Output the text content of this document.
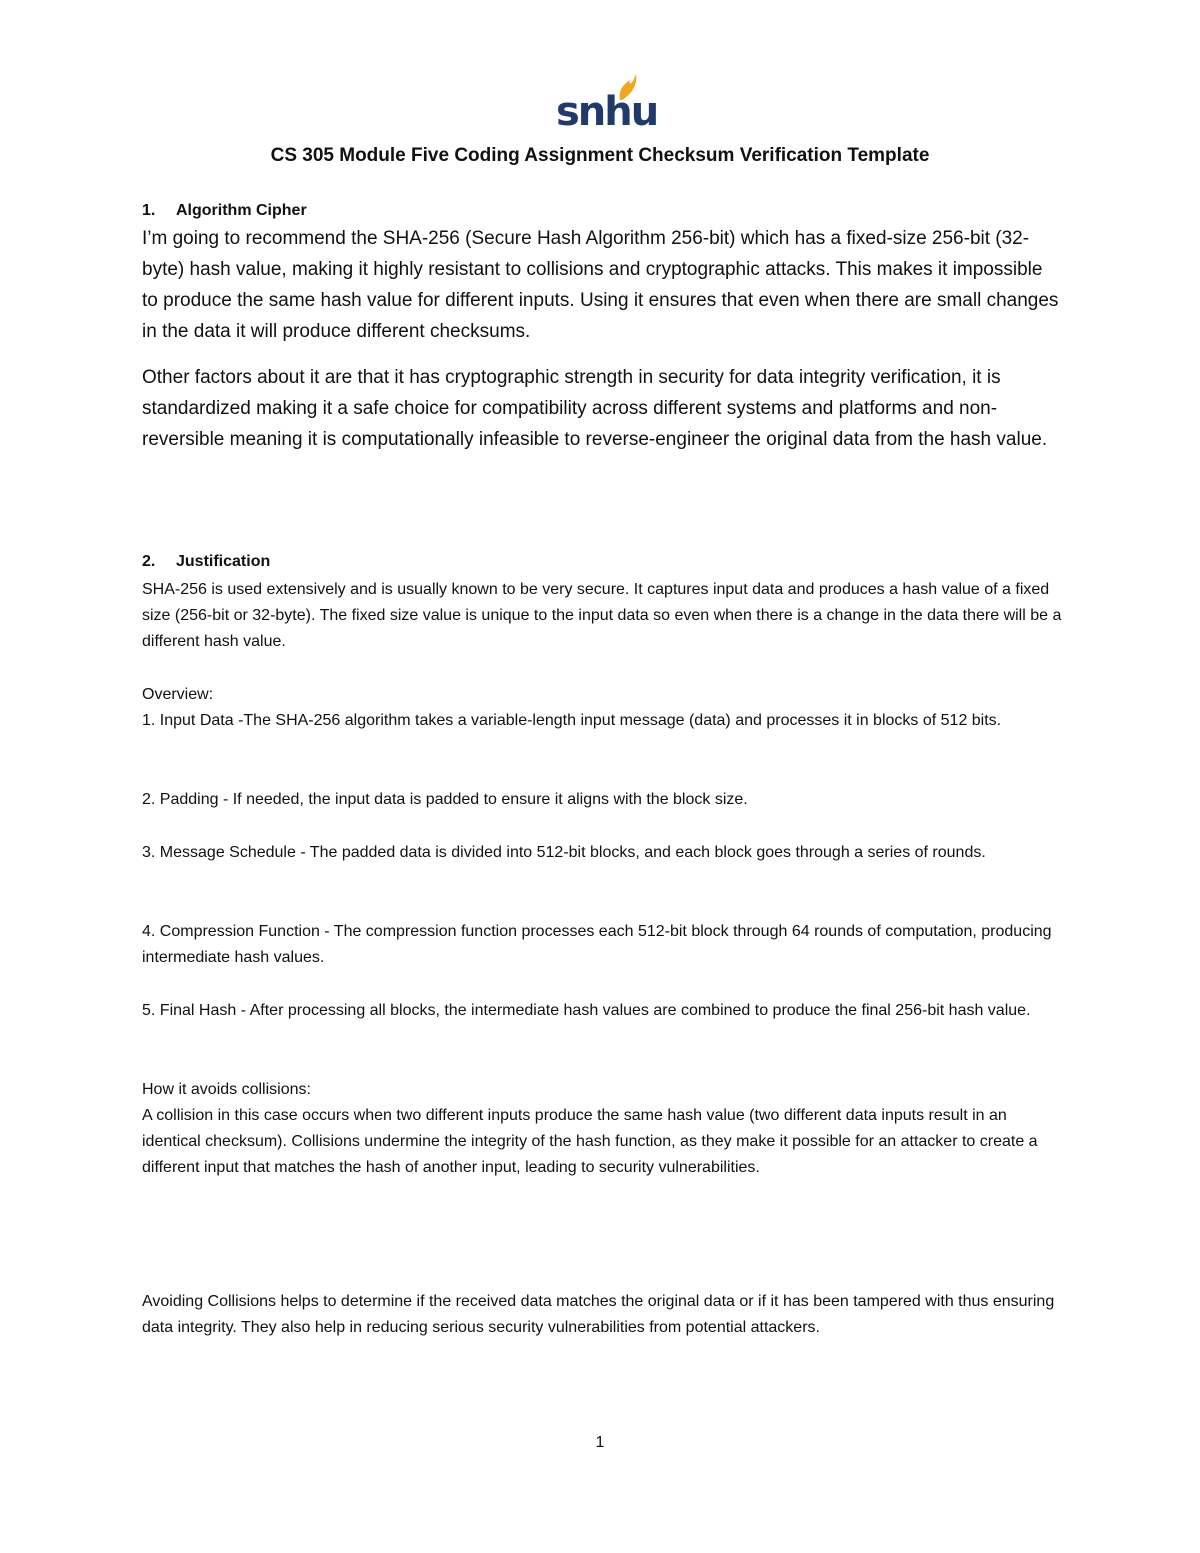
snhu
CS 305 Module Five Coding Assignment Checksum Verification Template
1. Algorithm Cipher
I’m going to recommend the SHA-256 (Secure Hash Algorithm 256-bit) which has a fixed-size 256-bit (32-byte) hash value, making it highly resistant to collisions and cryptographic attacks. This makes it impossible to produce the same hash value for different inputs. Using it ensures that even when there are small changes in the data it will produce different checksums.
Other factors about it are that it has cryptographic strength in security for data integrity verification, it is standardized making it a safe choice for compatibility across different systems and platforms and non-reversible meaning it is computationally infeasible to reverse-engineer the original data from the hash value.
2. Justification
SHA-256 is used extensively and is usually known to be very secure. It captures input data and produces a hash value of a fixed size (256-bit or 32-byte). The fixed size value is unique to the input data so even when there is a change in the data there will be a different hash value.
Overview:
1. Input Data -The SHA-256 algorithm takes a variable-length input message (data) and processes it in blocks of 512 bits.
2. Padding - If needed, the input data is padded to ensure it aligns with the block size.
3. Message Schedule - The padded data is divided into 512-bit blocks, and each block goes through a series of rounds.
4. Compression Function - The compression function processes each 512-bit block through 64 rounds of computation, producing intermediate hash values.
5. Final Hash - After processing all blocks, the intermediate hash values are combined to produce the final 256-bit hash value.
How it avoids collisions:
A collision in this case occurs when two different inputs produce the same hash value (two different data inputs result in an identical checksum). Collisions undermine the integrity of the hash function, as they make it possible for an attacker to create a different input that matches the hash of another input, leading to security vulnerabilities.
Avoiding Collisions helps to determine if the received data matches the original data or if it has been tampered with thus ensuring data integrity. They also help in reducing serious security vulnerabilities from potential attackers.
1
